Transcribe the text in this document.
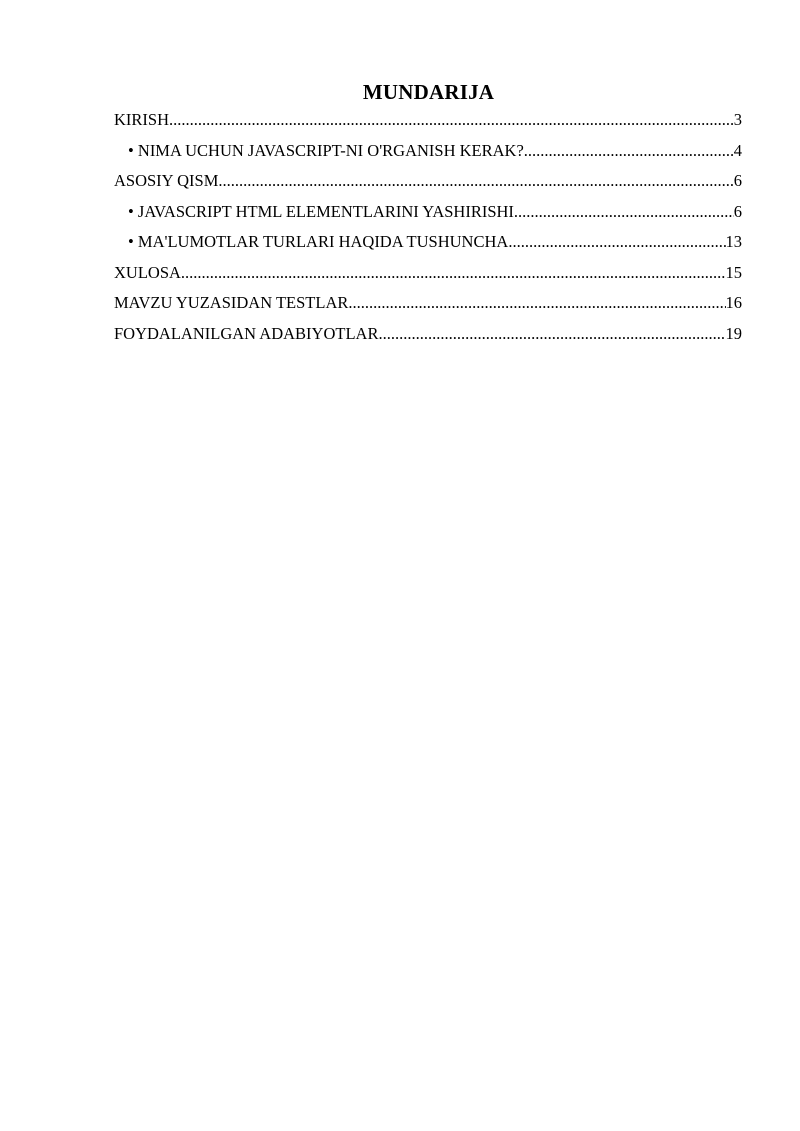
MUNDARIJA
KIRISH .....	3
• NIMA UCHUN JAVASCRIPT-NI O'RGANISH KERAK? .....	4
ASOSIY QISM .....	6
• JAVASCRIPT HTML ELEMENTLARINI YASHIRISHI .....	6
• MA'LUMOTLAR TURLARI HAQIDA TUSHUNCHA .....	13
XULOSA .....	15
MAVZU YUZASIDAN TESTLAR .....	16
FOYDALANILGAN ADABIYOTLAR .....	19
